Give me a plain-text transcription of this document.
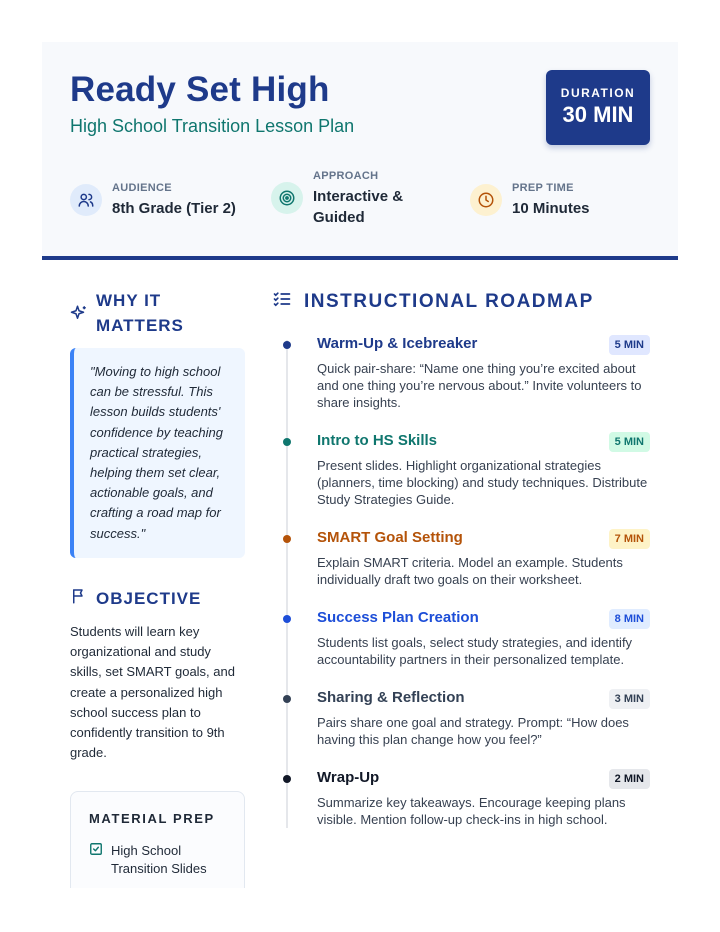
Ready Set High
High School Transition Lesson Plan
DURATION
30 MIN
AUDIENCE
8th Grade (Tier 2)
APPROACH
Interactive & Guided
PREP TIME
10 Minutes
WHY IT MATTERS
"Moving to high school can be stressful. This lesson builds students' confidence by teaching practical strategies, helping them set clear, actionable goals, and crafting a road map for success."
OBJECTIVE
Students will learn key organizational and study skills, set SMART goals, and create a personalized high school success plan to confidently transition to 9th grade.
MATERIAL PREP
High School Transition Slides
INSTRUCTIONAL ROADMAP
Warm-Up & Icebreaker	5 MIN
Quick pair-share: “Name one thing you’re excited about and one thing you’re nervous about.” Invite volunteers to share insights.
Intro to HS Skills	5 MIN
Present slides. Highlight organizational strategies (planners, time blocking) and study techniques. Distribute Study Strategies Guide.
SMART Goal Setting	7 MIN
Explain SMART criteria. Model an example. Students individually draft two goals on their worksheet.
Success Plan Creation	8 MIN
Students list goals, select study strategies, and identify accountability partners in their personalized template.
Sharing & Reflection	3 MIN
Pairs share one goal and strategy. Prompt: “How does having this plan change how you feel?”
Wrap-Up	2 MIN
Summarize key takeaways. Encourage keeping plans visible. Mention follow-up check-ins in high school.
